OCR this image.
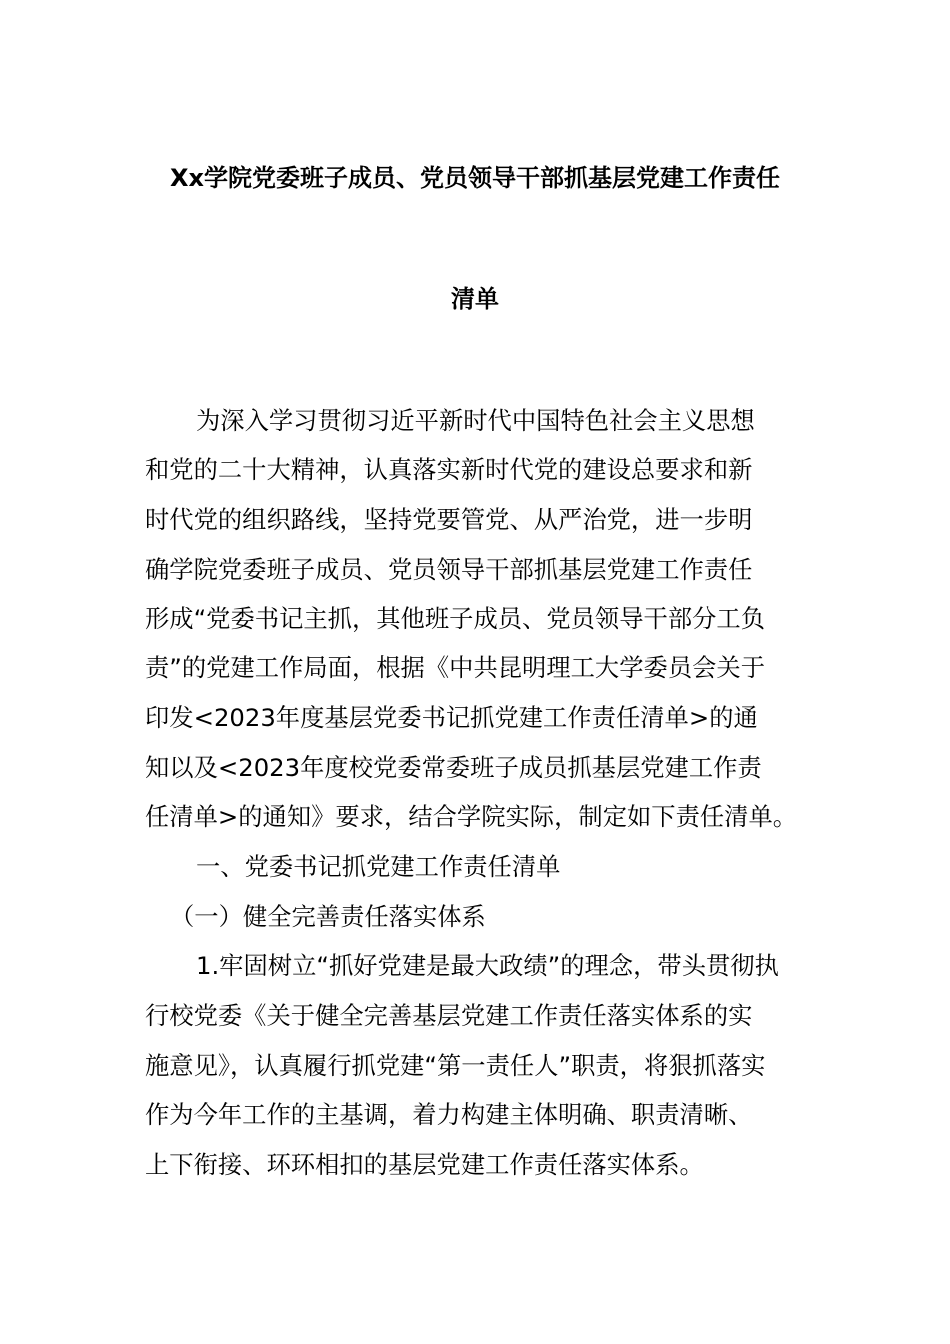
Xx学院党委班子成员、党员领导干部抓基层党建工作责任
清单
为深入学习贯彻习近平新时代中国特色社会主义思想
和党的二十大精神，认真落实新时代党的建设总要求和新
时代党的组织路线，坚持党要管党、从严治党，进一步明
确学院党委班子成员、党员领导干部抓基层党建工作责任
形成“党委书记主抓，其他班子成员、党员领导干部分工负
责”的党建工作局面，根据《中共昆明理工大学委员会关于
印发<2023年度基层党委书记抓党建工作责任清单>的通
知以及<2023年度校党委常委班子成员抓基层党建工作责
任清单>的通知》要求，结合学院实际，制定如下责任清单。
一、党委书记抓党建工作责任清单
（一）健全完善责任落实体系
1.牢固树立“抓好党建是最大政绩”的理念，带头贯彻执
行校党委《关于健全完善基层党建工作责任落实体系的实
施意见》，认真履行抓党建“第一责任人”职责，将狠抓落实
作为今年工作的主基调，着力构建主体明确、职责清晰、
上下衔接、环环相扣的基层党建工作责任落实体系。
